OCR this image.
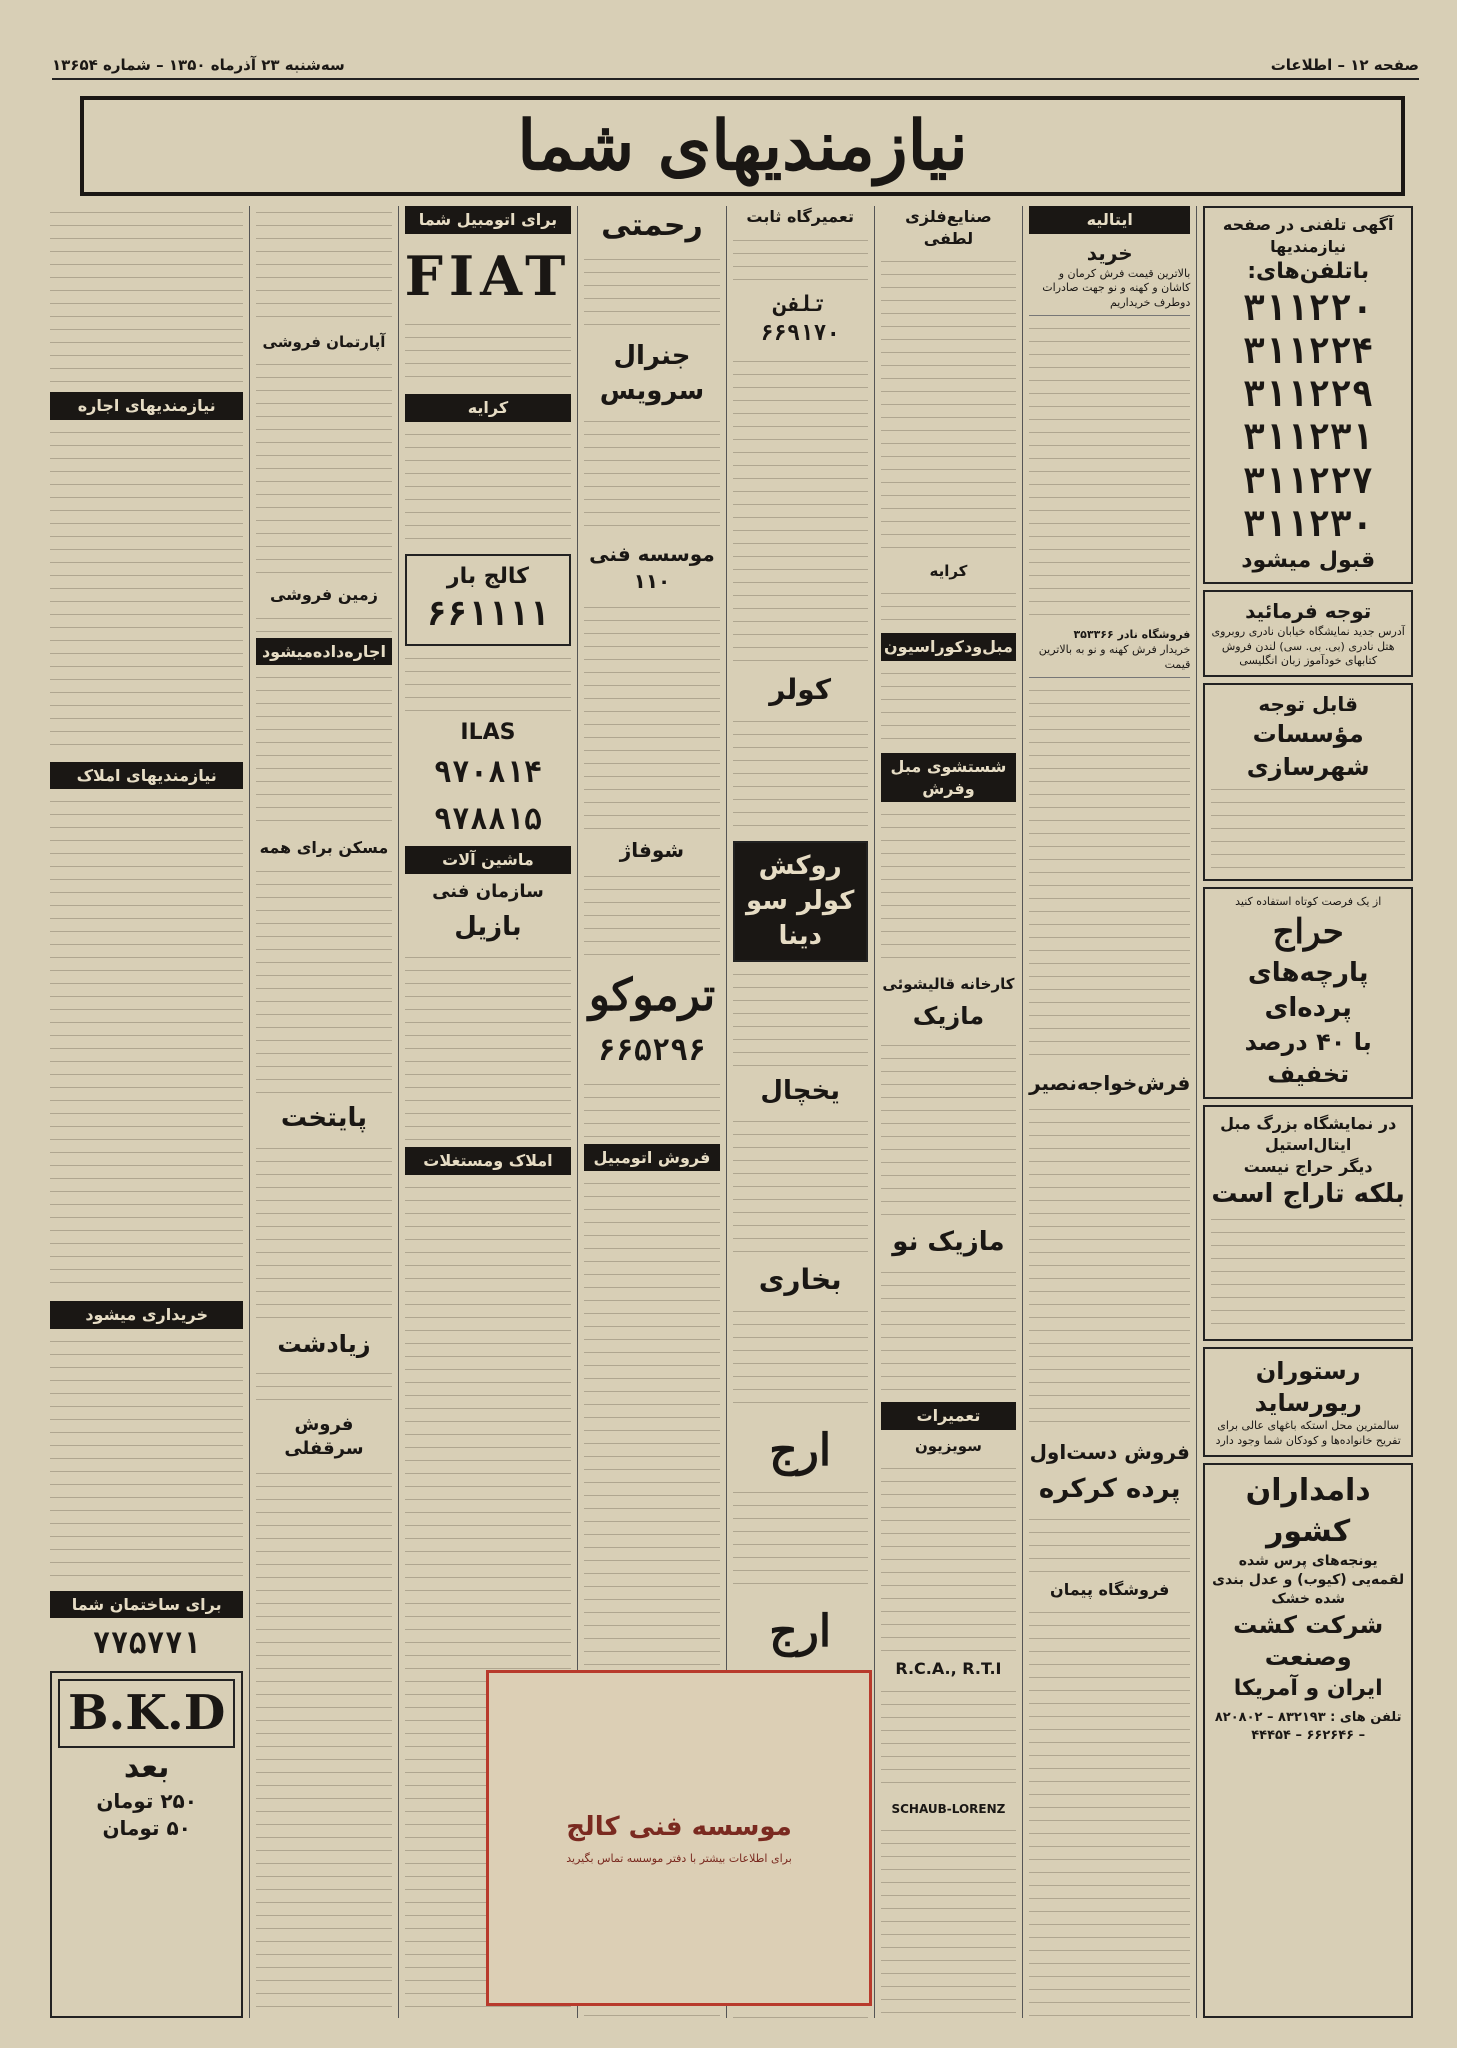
صفحه ۱۲ – اطلاعات
سه‌شنبه ۲۳ آذرماه ۱۳۵۰ – شماره ۱۳۶۵۴
نیازمندیهای شما
آگهی تلفنی در صفحه نیازمندیها
باتلفن‌های:
۳۱۱۲۲۰
۳۱۱۲۲۴
۳۱۱۲۲۹
۳۱۱۲۳۱
۳۱۱۲۲۷
۳۱۱۲۳۰
قبول میشود
توجه فرمائید
آدرس جدید نمایشگاه خیابان نادری روبروی هتل نادری (بی. بی. سی) لندن فروش کتابهای خودآموز زبان انگلیسی
قابل توجه
مؤسسات شهرسازی
از یک فرصت کوتاه استفاده کنید
حراج
پارچه‌های پرده‌ای
با ۴۰ درصد تخفیف
در نمایشگاه بزرگ مبل ایتال‌استیل
دیگر حراج نیست
بلکه تاراج است
رستوران ریورساید
سالمترین محل استکه باغهای عالی برای تفریح خانواده‌ها و کودکان شما وجود دارد
دامداران کشور
یونجه‌های پرس شده لقمه‌یی (کیوب) و عدل بندی شده خشک
شرکت کشت وصنعت
ایران و آمریکا
تلفن های : ۸۳۲۱۹۳ – ۸۲۰۸۰۲ – ۶۶۲۶۴۶ – ۴۴۴۵۴
ایتالیه
خرید
بالاترین قیمت فرش کرمان و کاشان و کهنه و نو جهت صادرات دوطرف خریداریم
فروشگاه نادر ۳۵۳۳۶۶
خریدار فرش کهنه و نو به بالاترین قیمت
فرش‌خواجه‌نصیر
فروش دست‌اول
پرده کرکره
فروشگاه پیمان
صنایع‌فلزی لطفی
کرایه
مبل‌ودکوراسیون
شستشوی مبل وفرش
کارخانه قالیشوئی
مازیک
مازیک نو
تعمیرات
سویزیون
R.C.A., R.T.I
SCHAUB-LORENZ
تعمیرگاه ثابت
تلفن ۶۶۹۱۷۰
کولر
روکش کولر سو دینا
یخچال
بخاری
ارج
ارج
رحمتی
جنرال سرویس
موسسه فنی ۱۱۰
شوفاژ
ترموکو
۶۶۵۲۹۶
فروش اتومبیل
برای اتومبیل شما
FIAT
کرایه
کالج بار
۶۶۱۱۱۱
ILAS
۹۷۰۸۱۴
۹۷۸۸۱۵
ماشین آلات
سازمان فنی
بازیل
املاک ومستغلات
آپارتمان فروشی
زمین فروشی
اجاره‌داده‌میشود
مسکن برای همه
پایتخت
زیادشت
فروش سرقفلی
نیازمندیهای اجاره
نیازمندیهای املاک
خریداری میشود
برای ساختمان شما
۷۷۵۷۷۱
B.K.D
بعد
۲۵۰ تومان
۵۰ تومان	موسسه فنی کالج
برای اطلاعات بیشتر با دفتر موسسه تماس بگیرید
